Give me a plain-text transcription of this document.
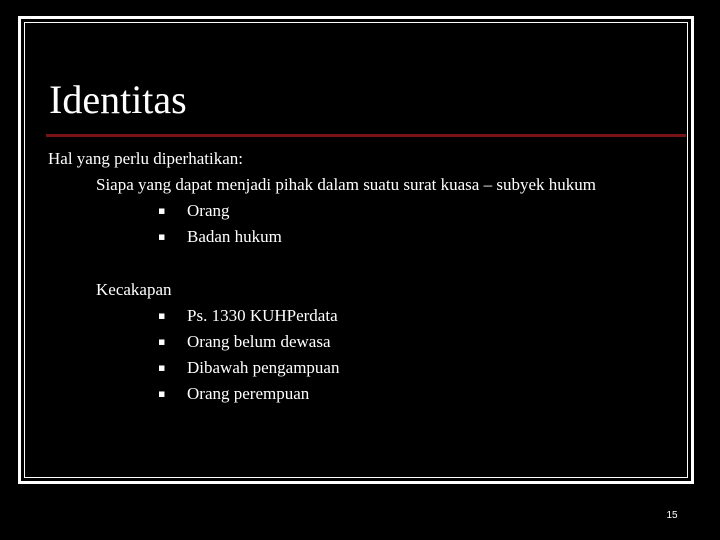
Identitas
Hal yang perlu diperhatikan:
Siapa yang dapat menjadi pihak dalam suatu surat kuasa – subyek hukum
▪ Orang
▪ Badan hukum
Kecakapan
▪ Ps. 1330 KUHPerdata
▪ Orang belum dewasa
▪ Dibawah pengampuan
▪ Orang perempuan
15
